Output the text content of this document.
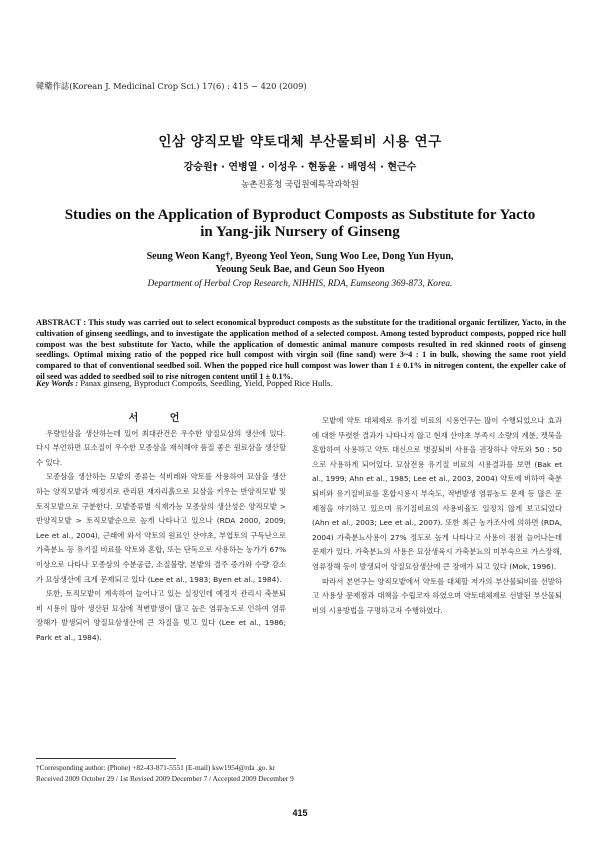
韓藥作誌(Korean J. Medicinal Crop Sci.) 17(6) : 415 − 420 (2009)
인삼 양직모밭 약토대체 부산물퇴비 시용 연구
강승원† · 연병열 · 이성우 · 현동윤 · 배영석 · 현근수
농촌진흥청 국립원예특작과학원
Studies on the Application of Byproduct Composts as Substitute for Yacto
in Yang-jik Nursery of Ginseng
Seung Weon Kang†, Byeong Yeol Yeon, Sung Woo Lee, Dong Yun Hyun,
Yeoung Seuk Bae, and Geun Soo Hyeon
Department of Herbal Crop Research, NIHHIS, RDA, Eumseong 369-873, Korea.
ABSTRACT : This study was carried out to select economical byproduct composts as the substitute for the traditional organic fertilizer, Yacto, in the cultivation of ginseng seedlings, and to investigate the application method of a selected compost. Among tested byproduct composts, popped rice hull compost was the best substitute for Yacto, while the application of domestic animal manure composts resulted in red skinned roots of ginseng seedlings. Optimal mixing ratio of the popped rice hull compost with virgin soil (fine sand) were 3~4 : 1 in bulk, showing the same root yield compared to that of conventional seedbed soil. When the popped rice hull compost was lower than 1 ± 0.1% in nitrogen content, the expeller cake of oil seed was added to seedbed soil to rise nitrogen content until 1 ± 0.1%.
Key Words : Panax ginseng, Byproduct Composts, Seedling, Yield, Popped Rice Hulls.

서 언

우량인삼을 생산하는데 있어 최대관건은 우수한 양질묘삼의 생산에 있다. 다시 부언하면 묘소질이 우수한 모종삼을 재식해야 품질 좋은 원료삼을 생산할 수 있다.

모종삼을 생산하는 모밭의 종류는 석비레와 약토를 사용하여 묘삼을 생산하는 양직모밭과 예정지로 관리된 재자리흙으로 묘삼을 키우는 반양직모밭 및 토직모밭으로 구분한다. 모밭종류별 식재가능 모종삼의 생산성은 양직모밭 > 반양직모밭 > 토직모밭순으로 높게 나타나고 있으나 (RDA 2000, 2009; Lee et al., 2004), 근래에 와서 약토의 원료인 산야초, 부엽토의 구득난으로 가축분뇨 등 유기질 비료를 약토와 혼합, 또는 단독으로 사용하는 농가가 67% 이상으로 나타나 모종삼의 수분공급, 소질불량, 본밭의 결주 증가와 수량 감소가 묘삼생산에 크게 문제되고 있다 (Lee et al., 1983; Byen et al., 1984).

또한, 토직모밭이 계속하여 늘어나고 있는 실정인데 예정지 관리시 축분퇴비 시용이 많아 생산된 묘삼에 적변발생이 많고 높은 염류농도로 인하여 염류장해가 발생되어 양질묘삼생산에 큰 차질을 빚고 있다 (Lee et al., 1986; Park et al., 1984).

모밭에 약토 대체제로 유기질 비료의 시용연구는 많이 수행되었으나 효과에 대한 뚜렷한 결과가 나타나지 않고 현재 산야초 부족시 소량의 계분, 켓묵을 혼합하여 사용하고 약토 대신으로 볏짚퇴비 사용을 권장하나 약토와 50 : 50으로 사용하게 되어있다. 묘삼전용 유기질 비료의 시용결과를 보면 (Bak et al., 1999; Ahn et al., 1985; Lee et al., 2003, 2004) 약토에 비하여 축분퇴비와 유기질비료를 혼합시용시 부숙도, 적변발생 염류농도 문제 등 많은 문제점을 야기하고 있으며 유기질비료의 사용비율도 일정치 않게 보고되었다 (Ahn et al., 2003; Lee et al., 2007). 또한 최근 농가조사에 의하면 (RDA, 2004) 가축분뇨사용이 27% 정도로 높게 나타나고 사용이 점점 늘어나는데 문제가 있다. 가축분뇨의 사용은 묘삼생육시 가축분뇨의 미부숙으로 가스장해, 염류장해 등이 발생되어 양질묘삼생산에 큰 장애가 되고 있다 (Mok, 1996).

따라서 본연구는 양직모밭에서 약토를 대체할 저가의 부산물퇴비를 선발하고 사용상 문제점과 대책을 수립코자 하였으며 약토대체제로 선발된 부산물퇴비의 시용방법을 구명하고자 수행하였다.

†Corresponding author: (Phone) +82-43-871-5551 (E-mail) ksw1954@rda .go. kr
Received 2009 October 29 / 1st Revised 2009 December 7 / Accepted 2009 December 9
415
